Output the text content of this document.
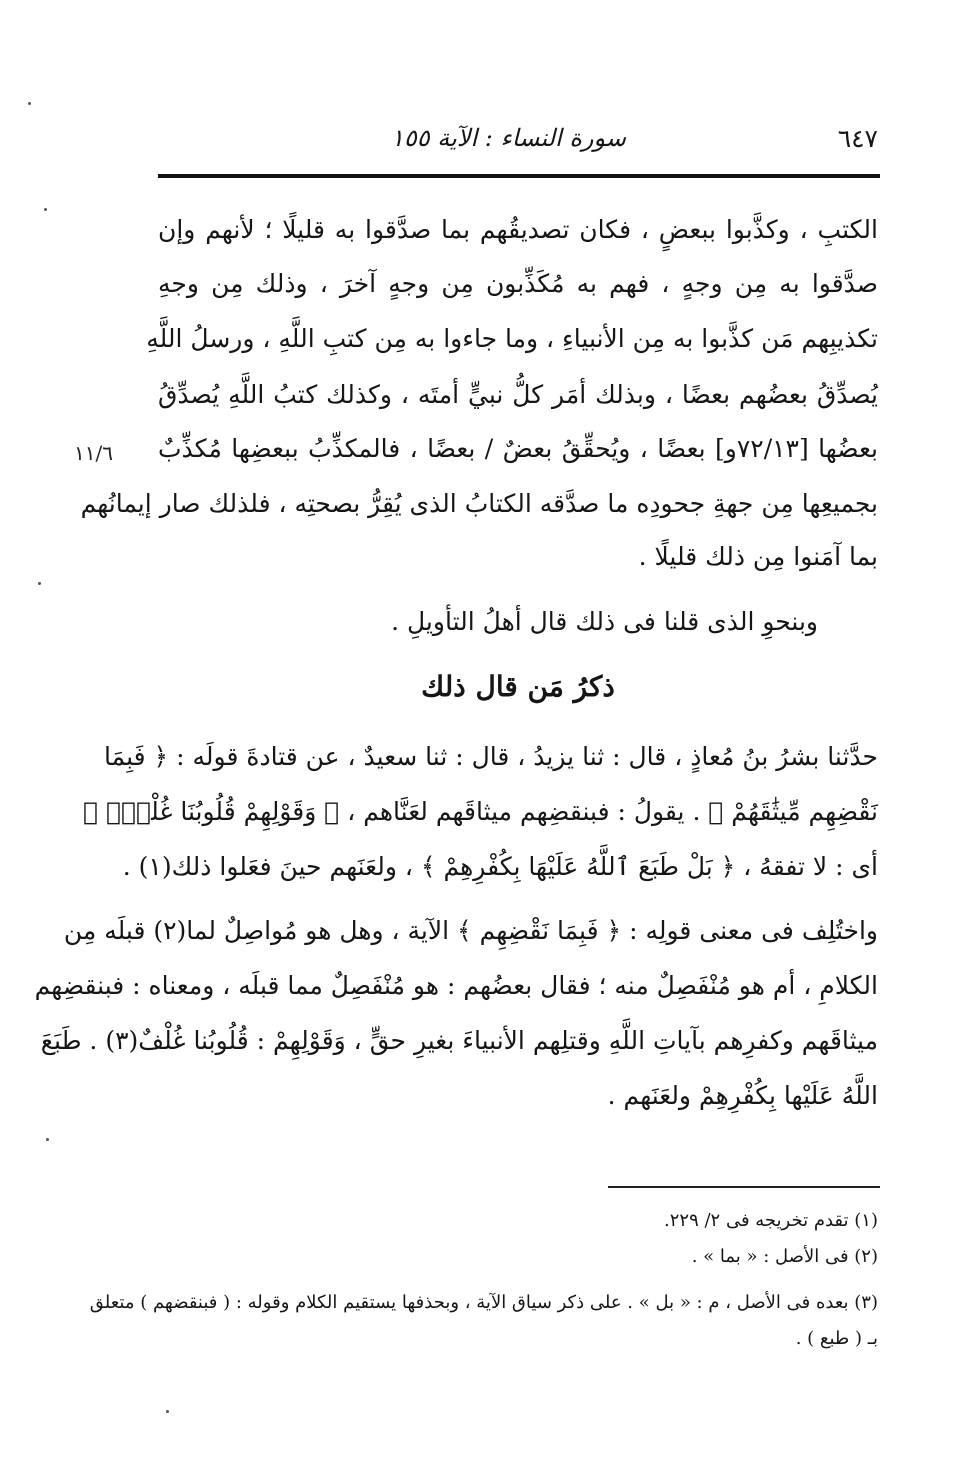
سورة النساء : الآية ١٥٥	٦٤٧
١١/٦
الكتبِ ، وكذَّبوا ببعضٍ ، فكان تصديقُهم بما صدَّقوا به قليلًا ؛ لأنهم وإن
صدَّقوا به مِن وجهٍ ، فهم به مُكَذِّبون مِن وجهٍ آخرَ ، وذلك مِن وجهِ
تكذيبِهم مَن كذَّبوا به مِن الأنبياءِ ، وما جاءوا به مِن كتبِ اللَّهِ ، ورسلُ اللَّهِ
يُصدِّقُ بعضُهم بعضًا ، وبذلك أمَر كلُّ نبيٍّ أمتَه ، وكذلك كتبُ اللَّهِ يُصدِّقُ
بعضُها [٧٢/١٣و] بعضًا ، ويُحقِّقُ بعضٌ / بعضًا ، فالمكذِّبُ ببعضِها مُكذِّبٌ
بجميعِها مِن جهةِ جحودِه ما صدَّقه الكتابُ الذى يُقِرُّ بصحتِه ، فلذلك صار إيمانُهم
بما آمَنوا مِن ذلك قليلًا .
وبنحوِ الذى قلنا فى ذلك قال أهلُ التأويلِ .
ذكرُ مَن قال ذلك
حدَّثنا بشرُ بنُ مُعاذٍ ، قال : ثنا يزيدُ ، قال : ثنا سعيدٌ ، عن قتادةَ قولَه : ﴿ فَبِمَا
نَقْضِهِم مِّيثَٰقَهُمْ ﴾ . يقولُ : فبنقضِهم ميثاقَهم لعَنَّاهم ، ﴿ وَقَوْلِهِمْ قُلُوبُنَا غُلْفٌۢ ﴾
أى : لا تفقهُ ، ﴿ بَلْ طَبَعَ ٱللَّهُ عَلَيْهَا بِكُفْرِهِمْ ﴾ ، ولعَنَهم حينَ فعَلوا ذلك(١) .
واختُلِف فى معنى قولِه : ﴿ فَبِمَا نَقْضِهِم ﴾ الآية ، وهل هو مُواصِلٌ لما(٢) قبلَه مِن
الكلامِ ، أم هو مُنْفَصِلٌ منه ؛ فقال بعضُهم : هو مُنْفَصِلٌ مما قبلَه ، ومعناه : فبنقضِهم
ميثاقَهم وكفرِهم بآياتِ اللَّهِ وقتلِهم الأنبياءَ بغيرِ حقٍّ ، وَقَوْلِهِمْ : قُلُوبُنا غُلْفٌ(٣) . طَبَعَ
اللَّهُ عَلَيْها بِكُفْرِهِمْ ولعَنَهم .
(١) تقدم تخريجه فى ٢/ ٢٢٩.
(٢) فى الأصل : « بما » .
(٣) بعده فى الأصل ، م : « بل » . على ذكر سياق الآية ، وبحذفها يستقيم الكلام وقوله : ( فبنقضهم ) متعلق
بـ ( طبع ) .
